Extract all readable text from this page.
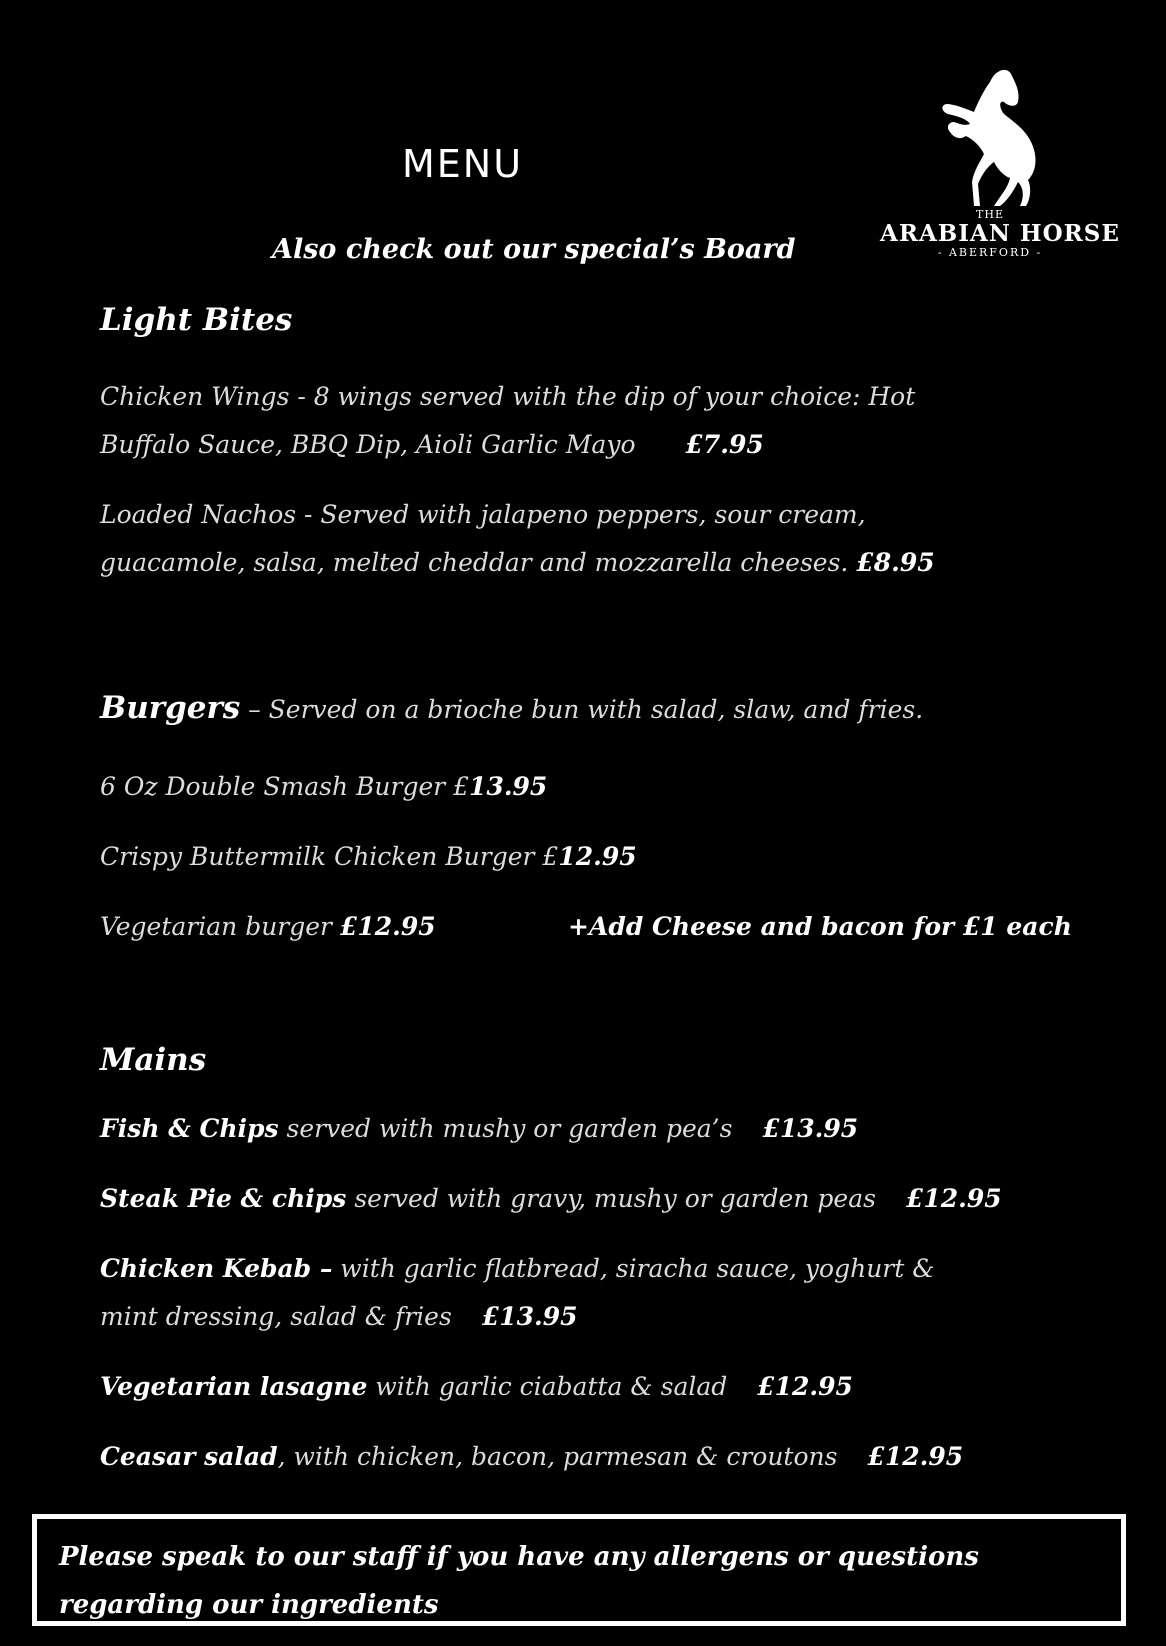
MENU
Also check out our special’s Board
THE
ARABIAN HORSE
- ABERFORD -
Light Bites
Chicken Wings - 8 wings served with the dip of your choice: Hot
Buffalo Sauce, BBQ Dip, Aioli Garlic Mayo £7.95
Loaded Nachos - Served with jalapeno peppers, sour cream,
guacamole, salsa, melted cheddar and mozzarella cheeses. £8.95
Burgers – Served on a brioche bun with salad, slaw, and fries.
6 Oz Double Smash Burger £13.95
Crispy Buttermilk Chicken Burger £12.95
Vegetarian burger £12.95	+Add Cheese and bacon for £1 each
Mains
Fish & Chips served with mushy or garden pea’s £13.95
Steak Pie & chips served with gravy, mushy or garden peas £12.95
Chicken Kebab – with garlic flatbread, siracha sauce, yoghurt &
mint dressing, salad & fries £13.95
Vegetarian lasagne with garlic ciabatta & salad £12.95
Ceasar salad, with chicken, bacon, parmesan & croutons £12.95
Please speak to our staff if you have any allergens or questions regarding our ingredients
